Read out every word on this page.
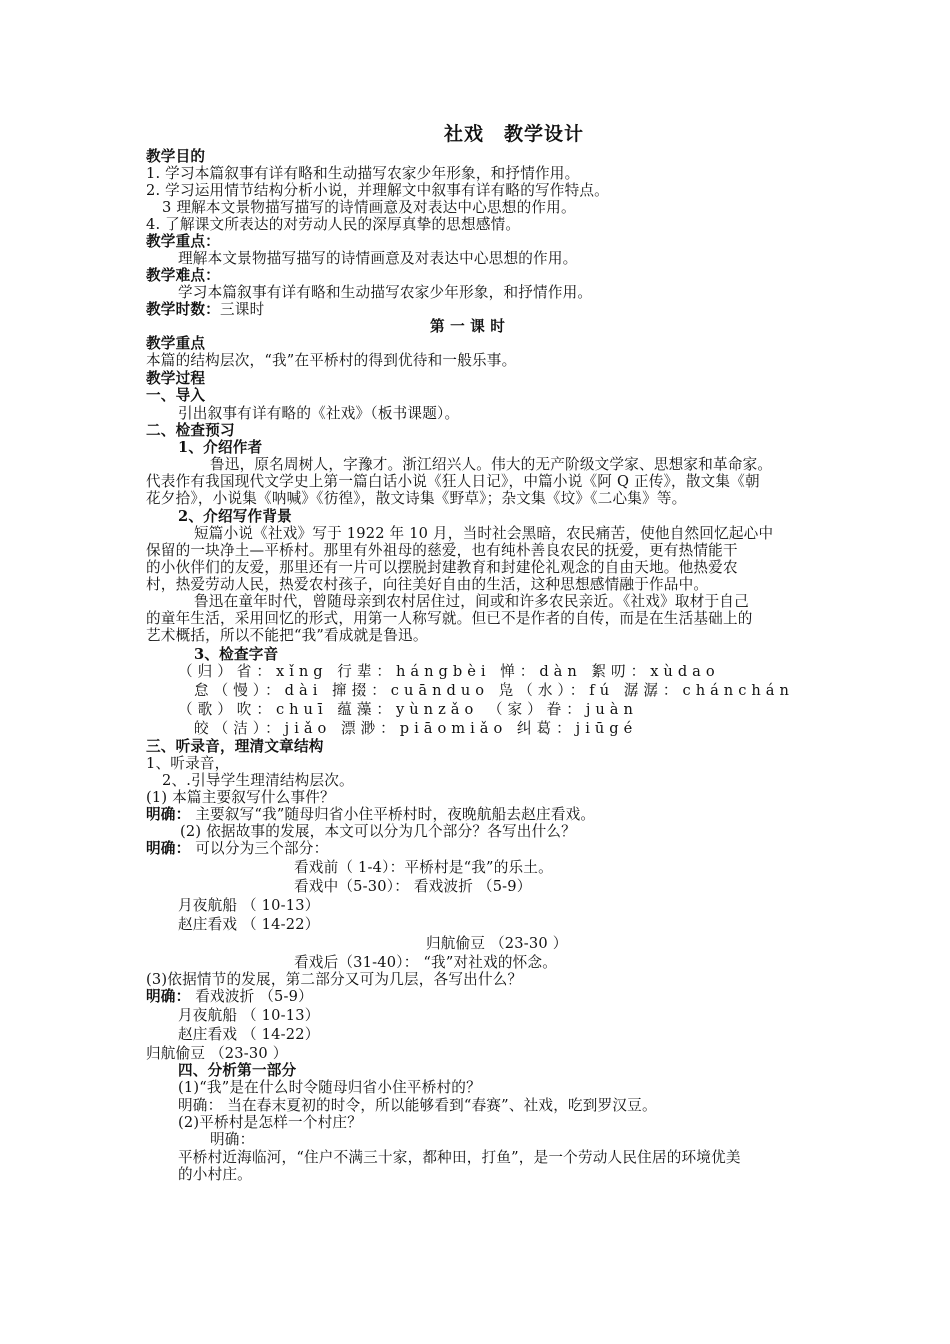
社戏　教学设计
教学目的
1. 学习本篇叙事有详有略和生动描写农家少年形象，和抒情作用。
2. 学习运用情节结构分析小说，并理解文中叙事有详有略的写作特点。
3 理解本文景物描写描写的诗情画意及对表达中心思想的作用。
4. 了解课文所表达的对劳动人民的深厚真挚的思想感情。
教学重点：
理解本文景物描写描写的诗情画意及对表达中心思想的作用。
教学难点：
学习本篇叙事有详有略和生动描写农家少年形象，和抒情作用。
教学时数：三课时
第 一 课 时
教学重点
本篇的结构层次，“我”在平桥村的得到优待和一般乐事。
教学过程
一、导入
引出叙事有详有略的《社戏》（板书课题）。
二、检查预习
1、介绍作者
鲁迅，原名周树人，字豫才。浙江绍兴人。伟大的无产阶级文学家、思想家和革命家。
代表作有我国现代文学史上第一篇白话小说《狂人日记》，中篇小说《阿 Q 正传》，散文集《朝
花夕拾》，小说集《呐喊》《彷徨》，散文诗集《野草》；杂文集《坟》《二心集》等。
2、介绍写作背景
短篇小说《社戏》写于 1922 年 10 月，当时社会黑暗，农民痛苦，使他自然回忆起心中
保留的一块净土—平桥村。那里有外祖母的慈爱，也有纯朴善良农民的抚爱，更有热情能干
的小伙伴们的友爱，那里还有一片可以摆脱封建教育和封建伦礼观念的自由天地。他热爱农
村，热爱劳动人民，热爱农村孩子，向往美好自由的生活，这种思想感情融于作品中。
鲁迅在童年时代，曾随母亲到农村居住过，间或和许多农民亲近。《社戏》取材于自己
的童年生活，采用回忆的形式，用第一人称写就。但已不是作者的自传，而是在生活基础上的
艺术概括，所以不能把“我”看成就是鲁迅。
3、检查字音
（归）省：xǐng 行辈：hángbèi 惮：dàn 絮叨：xùdao
怠（慢）：dài 撺掇：cuānduo 凫（水）：fú 潺潺：chánchán
（歌）吹：chuī 蕴藻：yùnzǎo （家）眷：juàn
皎（洁）：jiǎo 漂渺：piāomiǎo 纠葛：jiūgé
三、听录音，理清文章结构
1、听录音，
2、.引导学生理清结构层次。
(1) 本篇主要叙写什么事件？
明确： 主要叙写“我”随母归省小住平桥村时，夜晚航船去赵庄看戏。
(2) 依据故事的发展，本文可以分为几个部分？各写出什么？
明确： 可以分为三个部分：
看戏前（ 1-4）：平桥村是“我”的乐土。
看戏中（5-30）： 看戏波折 （5-9）
月夜航船 （ 10-13）
赵庄看戏 （ 14-22）
归航偷豆 （23-30 ）
看戏后（31-40）： “我”对社戏的怀念。
(3)依据情节的发展，第二部分又可为几层，各写出什么？
明确： 看戏波折 （5-9）
月夜航船 （ 10-13）
赵庄看戏 （ 14-22）
归航偷豆 （23-30 ）
四、分析第一部分
(1)“我”是在什么时令随母归省小住平桥村的？
明确： 当在春末夏初的时令，所以能够看到“春赛”、社戏，吃到罗汉豆。
(2)平桥村是怎样一个村庄？
明确：
平桥村近海临河，“住户不满三十家，都种田，打鱼”，是一个劳动人民住居的环境优美
的小村庄。
